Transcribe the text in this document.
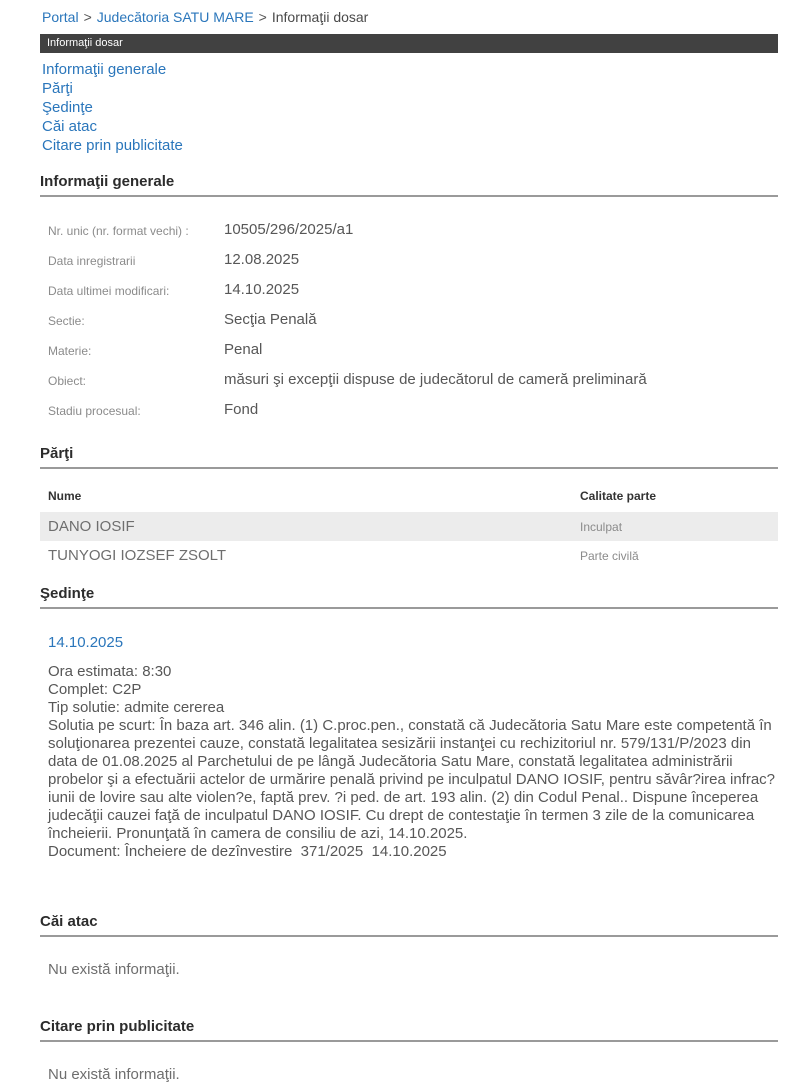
Portal > Judecătoria SATU MARE > Informaţii dosar
Informaţii dosar
Informaţii generale
Părţi
Şedinţe
Căi atac
Citare prin publicitate
Informaţii generale
Nr. unic (nr. format vechi) :	10505/296/2025/a1
Data inregistrarii	12.08.2025
Data ultimei modificari:	14.10.2025
Sectie:	Secţia Penală
Materie:	Penal
Obiect:	măsuri şi excepţii dispuse de judecătorul de cameră preliminară
Stadiu procesual:	Fond
Părţi
Nume	Calitate parte
DANO IOSIF	Inculpat
TUNYOGI IOZSEF ZSOLT	Parte civilă
Şedinţe
14.10.2025
Ora estimata: 8:30
Complet: C2P
Tip solutie: admite cererea
Solutia pe scurt: În baza art. 346 alin. (1) C.proc.pen., constată că Judecătoria Satu Mare este competentă în soluţionarea prezentei cauze, constată legalitatea sesizării instanţei cu rechizitoriul nr. 579/131/P/2023 din data de 01.08.2025 al Parchetului de pe lângă Judecătoria Satu Mare, constată legalitatea administrării probelor şi a efectuării actelor de urmărire penală privind pe inculpatul DANO IOSIF, pentru săvâr?irea infrac?iunii de lovire sau alte violen?e, faptă prev. ?i ped. de art. 193 alin. (2) din Codul Penal.. Dispune începerea judecăţii cauzei faţă de inculpatul DANO IOSIF. Cu drept de contestaţie în termen 3 zile de la comunicarea încheierii. Pronunţată în camera de consiliu de azi, 14.10.2025.
Document: Încheiere de dezînvestire  371/2025  14.10.2025
Căi atac
Nu există informaţii.
Citare prin publicitate
Nu există informaţii.
